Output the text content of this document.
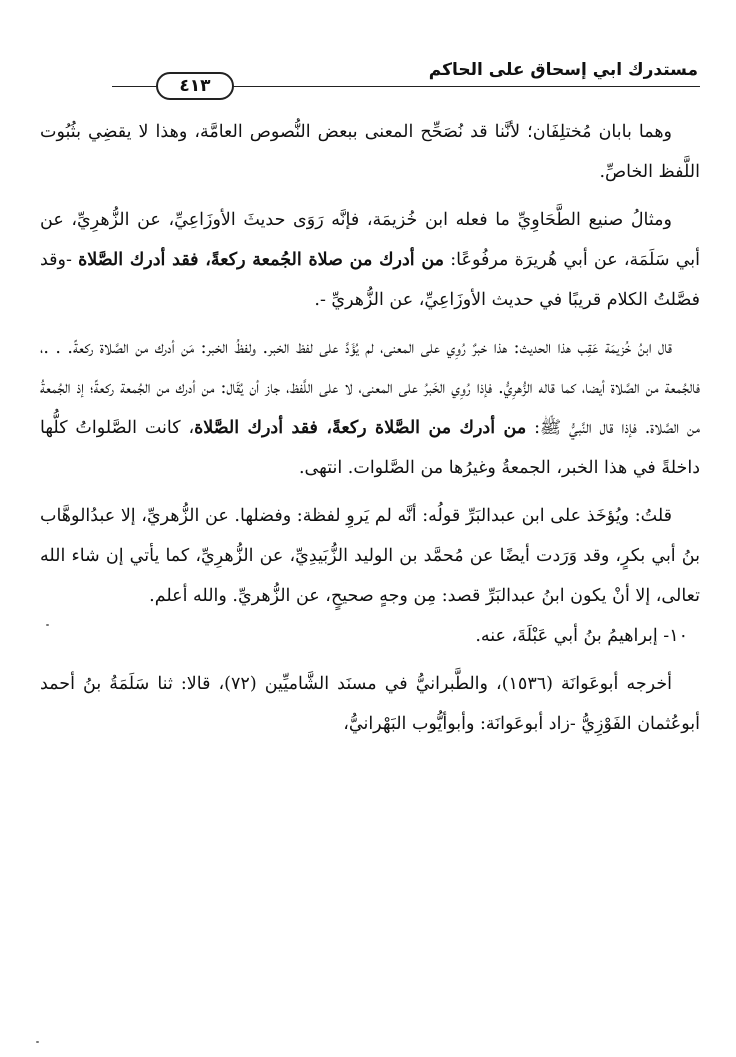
مستدرك ابي إسحاق على الحاكم
٤١٣

وهما بابان مُختلِفَان؛ لأنَّنا قد نُصَحِّح المعنى ببعض النُّصوص العامَّة، وهذا لا يقضِي بثُبُوت اللَّفظ الخاصِّ.

ومثالُ صنيع الطَّحَاوِيِّ ما فعله ابن خُزيمَة، فإنَّه رَوَى حديثَ الأوزَاعِيِّ، عن الزُّهرِيِّ، عن أبي سَلَمَة، عن أبي هُريرَة مرفُوعًا: من أدرك من صلاة الجُمعة ركعةً، فقد أدرك الصَّلاة -وقد فصَّلتُ الكلام قريبًا في حديث الأوزَاعِيِّ، عن الزُّهريِّ -.

قال ابنُ خُزيمَة عَقِب هذا الحديث: هذا خبرٌ رُوِي على المعنى، لم يُؤَدَّ على لفظ الخبر. ولفظُ الخبر: مَن أدرك من الصَّلاة ركعةً. . .، فالجُمعة من الصَّلاة أيضا، كما قاله الزُّهرِيُّ. فإذا رُوِي الخَبرُ على المعنى، لا على اللَّفظ، جاز أن يُقَال: من أدرك من الجُمعة ركعةً؛ إذ الجُمعةُ من الصَّلاة. فإذا قال النَّبيُّ ﷺ: من أدرك من الصَّلاة ركعةً، فقد أدرك الصَّلاة، كانت الصَّلواتُ كلُّها داخلةً في هذا الخبر، الجمعةُ وغيرُها من الصَّلوات. انتهى.

قلتُ: ويُؤخَذ على ابن عبدالبَرِّ قولُه: أنَّه لم يَروِ لفظة: وفضلها. عن الزُّهريِّ، إلا عبدُالوهَّاب بنُ أبي بكرٍ، وقد وَرَدت أيضًا عن مُحمَّد بن الوليد الزُّبَيدِيِّ، عن الزُّهرِيِّ، كما يأتي إن شاء الله تعالى، إلا أنْ يكون ابنُ عبدالبَرِّ قصد: مِن وجهٍ صحيحٍ، عن الزُّهريِّ. والله أعلم.

١٠- إبراهيمُ بنُ أبي عَبْلَةَ، عنه.

أخرجه أبوعَوانَة (١٥٣٦)، والطَّبرانيُّ في مسنَد الشَّاميِّين (٧٢)، قالا: ثنا سَلَمَةُ بنُ أحمد أبوعُثمان الفَوْزِيُّ -زاد أبوعَوانَة: وأبوأيُّوب البَهْرانيُّ،
